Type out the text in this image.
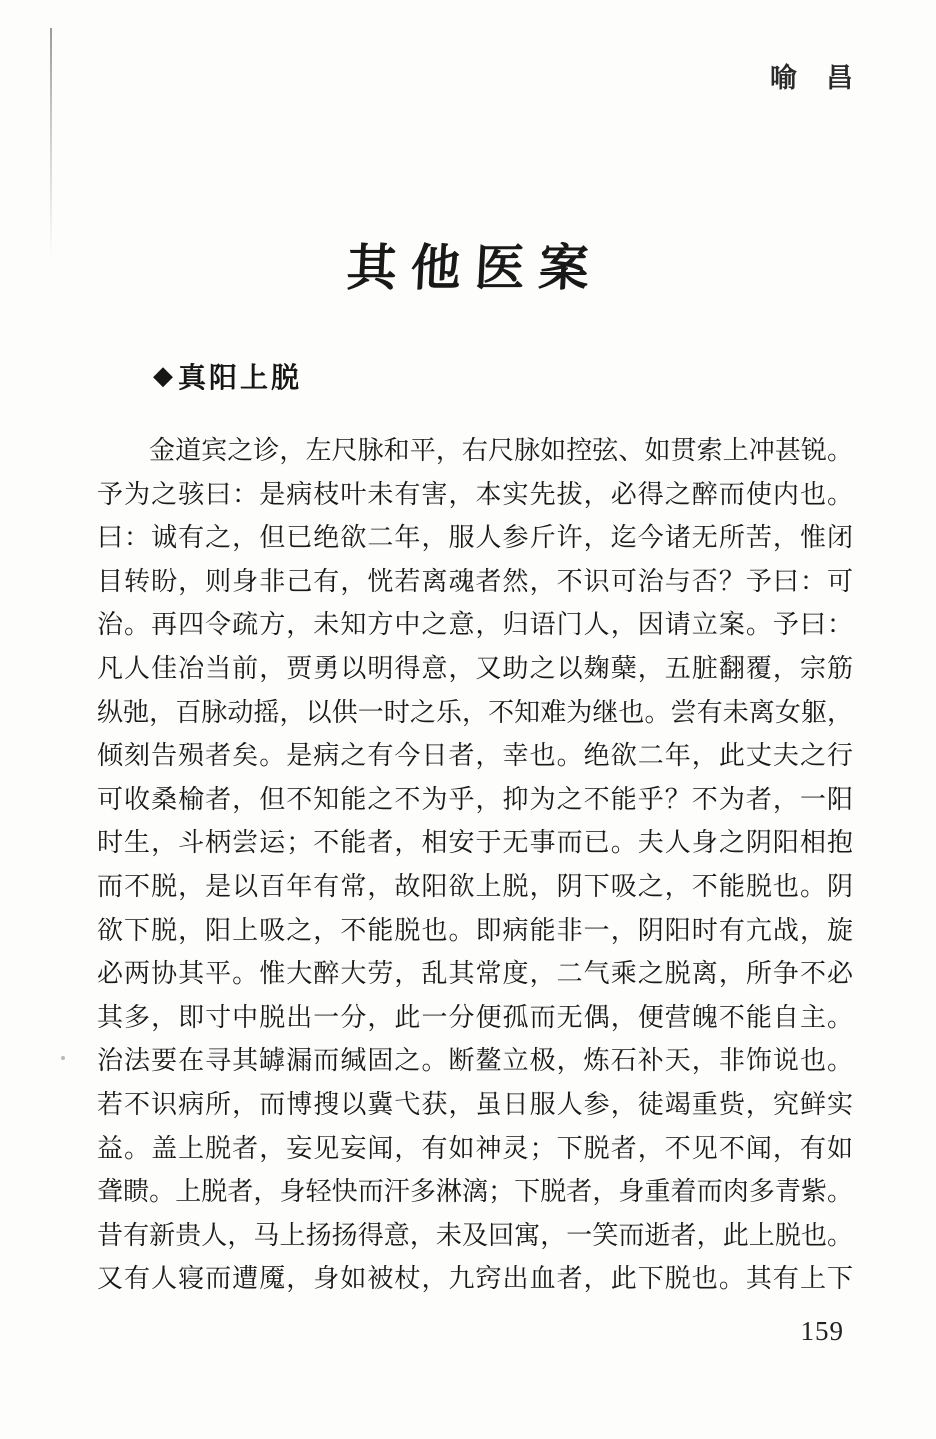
喻　昌
其他医案
◆ 真阳上脱
金道宾之诊，左尺脉和平，右尺脉如控弦、如贯索上冲甚锐。
予为之骇曰：是病枝叶未有害，本实先拔，必得之醉而使内也。
曰：诚有之，但已绝欲二年，服人参斤许，迄今诸无所苦，惟闭
目转盼，则身非己有，恍若离魂者然，不识可治与否？予曰：可
治。再四令疏方，未知方中之意，归语门人，因请立案。予曰：
凡人佳冶当前，贾勇以明得意，又助之以麹蘖，五脏翻覆，宗筋
纵弛，百脉动摇，以供一时之乐，不知难为继也。尝有未离女躯，
倾刻告殒者矣。是病之有今日者，幸也。绝欲二年，此丈夫之行
可收桑榆者，但不知能之不为乎，抑为之不能乎？不为者，一阳
时生，斗柄尝运；不能者，相安于无事而已。夫人身之阴阳相抱
而不脱，是以百年有常，故阳欲上脱，阴下吸之，不能脱也。阴
欲下脱，阳上吸之，不能脱也。即病能非一，阴阳时有亢战，旋
必两协其平。惟大醉大劳，乱其常度，二气乘之脱离，所争不必
其多，即寸中脱出一分，此一分便孤而无偶，便营魄不能自主。
治法要在寻其罅漏而缄固之。断鳌立极，炼石补天，非饰说也。
若不识病所，而博搜以冀弋获，虽日服人参，徒竭重赀，究鲜实
益。盖上脱者，妄见妄闻，有如神灵；下脱者，不见不闻，有如
聋瞆。上脱者，身轻快而汗多淋漓；下脱者，身重着而肉多青紫。
昔有新贵人，马上扬扬得意，未及回寓，一笑而逝者，此上脱也。
又有人寝而遭魇，身如被杖，九窍出血者，此下脱也。其有上下
159
